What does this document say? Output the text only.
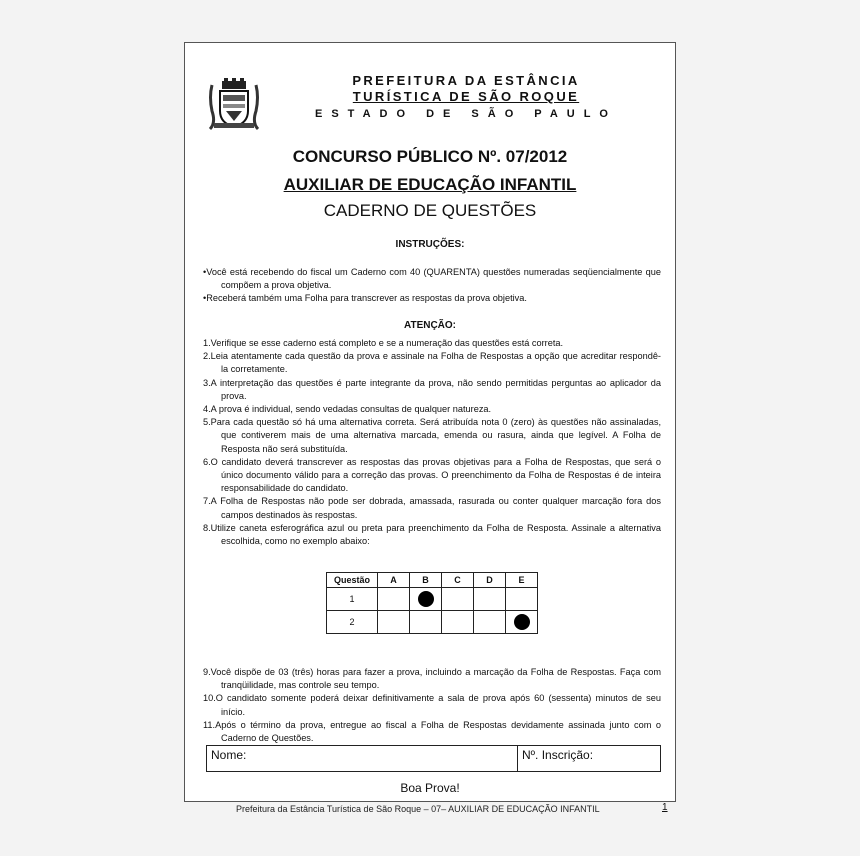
PREFEITURA DA ESTÂNCIA
TURÍSTICA DE SÃO ROQUE
ESTADO DE SÃO PAULO
CONCURSO PÚBLICO Nº. 07/2012
AUXILIAR DE EDUCAÇÃO INFANTIL
CADERNO DE QUESTÕES
INSTRUÇÕES:

•Você está recebendo do fiscal um Caderno com 40 (QUARENTA) questões numeradas seqüencialmente que compõem a prova objetiva.

•Receberá também uma Folha para transcrever as respostas da prova objetiva.

ATENÇÃO:

1.Verifique se esse caderno está completo e se a numeração das questões está correta.

2.Leia atentamente cada questão da prova e assinale na Folha de Respostas a opção que acreditar respondê-la corretamente.

3.A interpretação das questões é parte integrante da prova, não sendo permitidas perguntas ao aplicador da prova.

4.A prova é individual, sendo vedadas consultas de qualquer natureza.

5.Para cada questão só há uma alternativa correta. Será atribuída nota 0 (zero) às questões não assinaladas, que contiverem mais de uma alternativa marcada, emenda ou rasura, ainda que legível. A Folha de Resposta não será substituída.

6.O candidato deverá transcrever as respostas das provas objetivas para a Folha de Respostas, que será o único documento válido para a correção das provas. O preenchimento da Folha de Respostas é de inteira responsabilidade do candidato.

7.A Folha de Respostas não pode ser dobrada, amassada, rasurada ou conter qualquer marcação fora dos campos destinados às respostas.

8.Utilize caneta esferográfica azul ou preta para preenchimento da Folha de Resposta. Assinale a alternativa escolhida, como no exemplo abaixo:

Questão	A	B	C	D	E
1					
2					

9.Você dispõe de 03 (três) horas para fazer a prova, incluindo a marcação da Folha de Respostas. Faça com tranqüilidade, mas controle seu tempo.

10.O candidato somente poderá deixar definitivamente a sala de prova após 60 (sessenta) minutos de seu início.

11.Após o término da prova, entregue ao fiscal a Folha de Respostas devidamente assinada junto com o Caderno de Questões.

Nome:	Nº. Inscrição:
Boa Prova!
Prefeitura da Estância Turística de São Roque – 07– AUXILIAR DE EDUCAÇÃO INFANTIL	1
